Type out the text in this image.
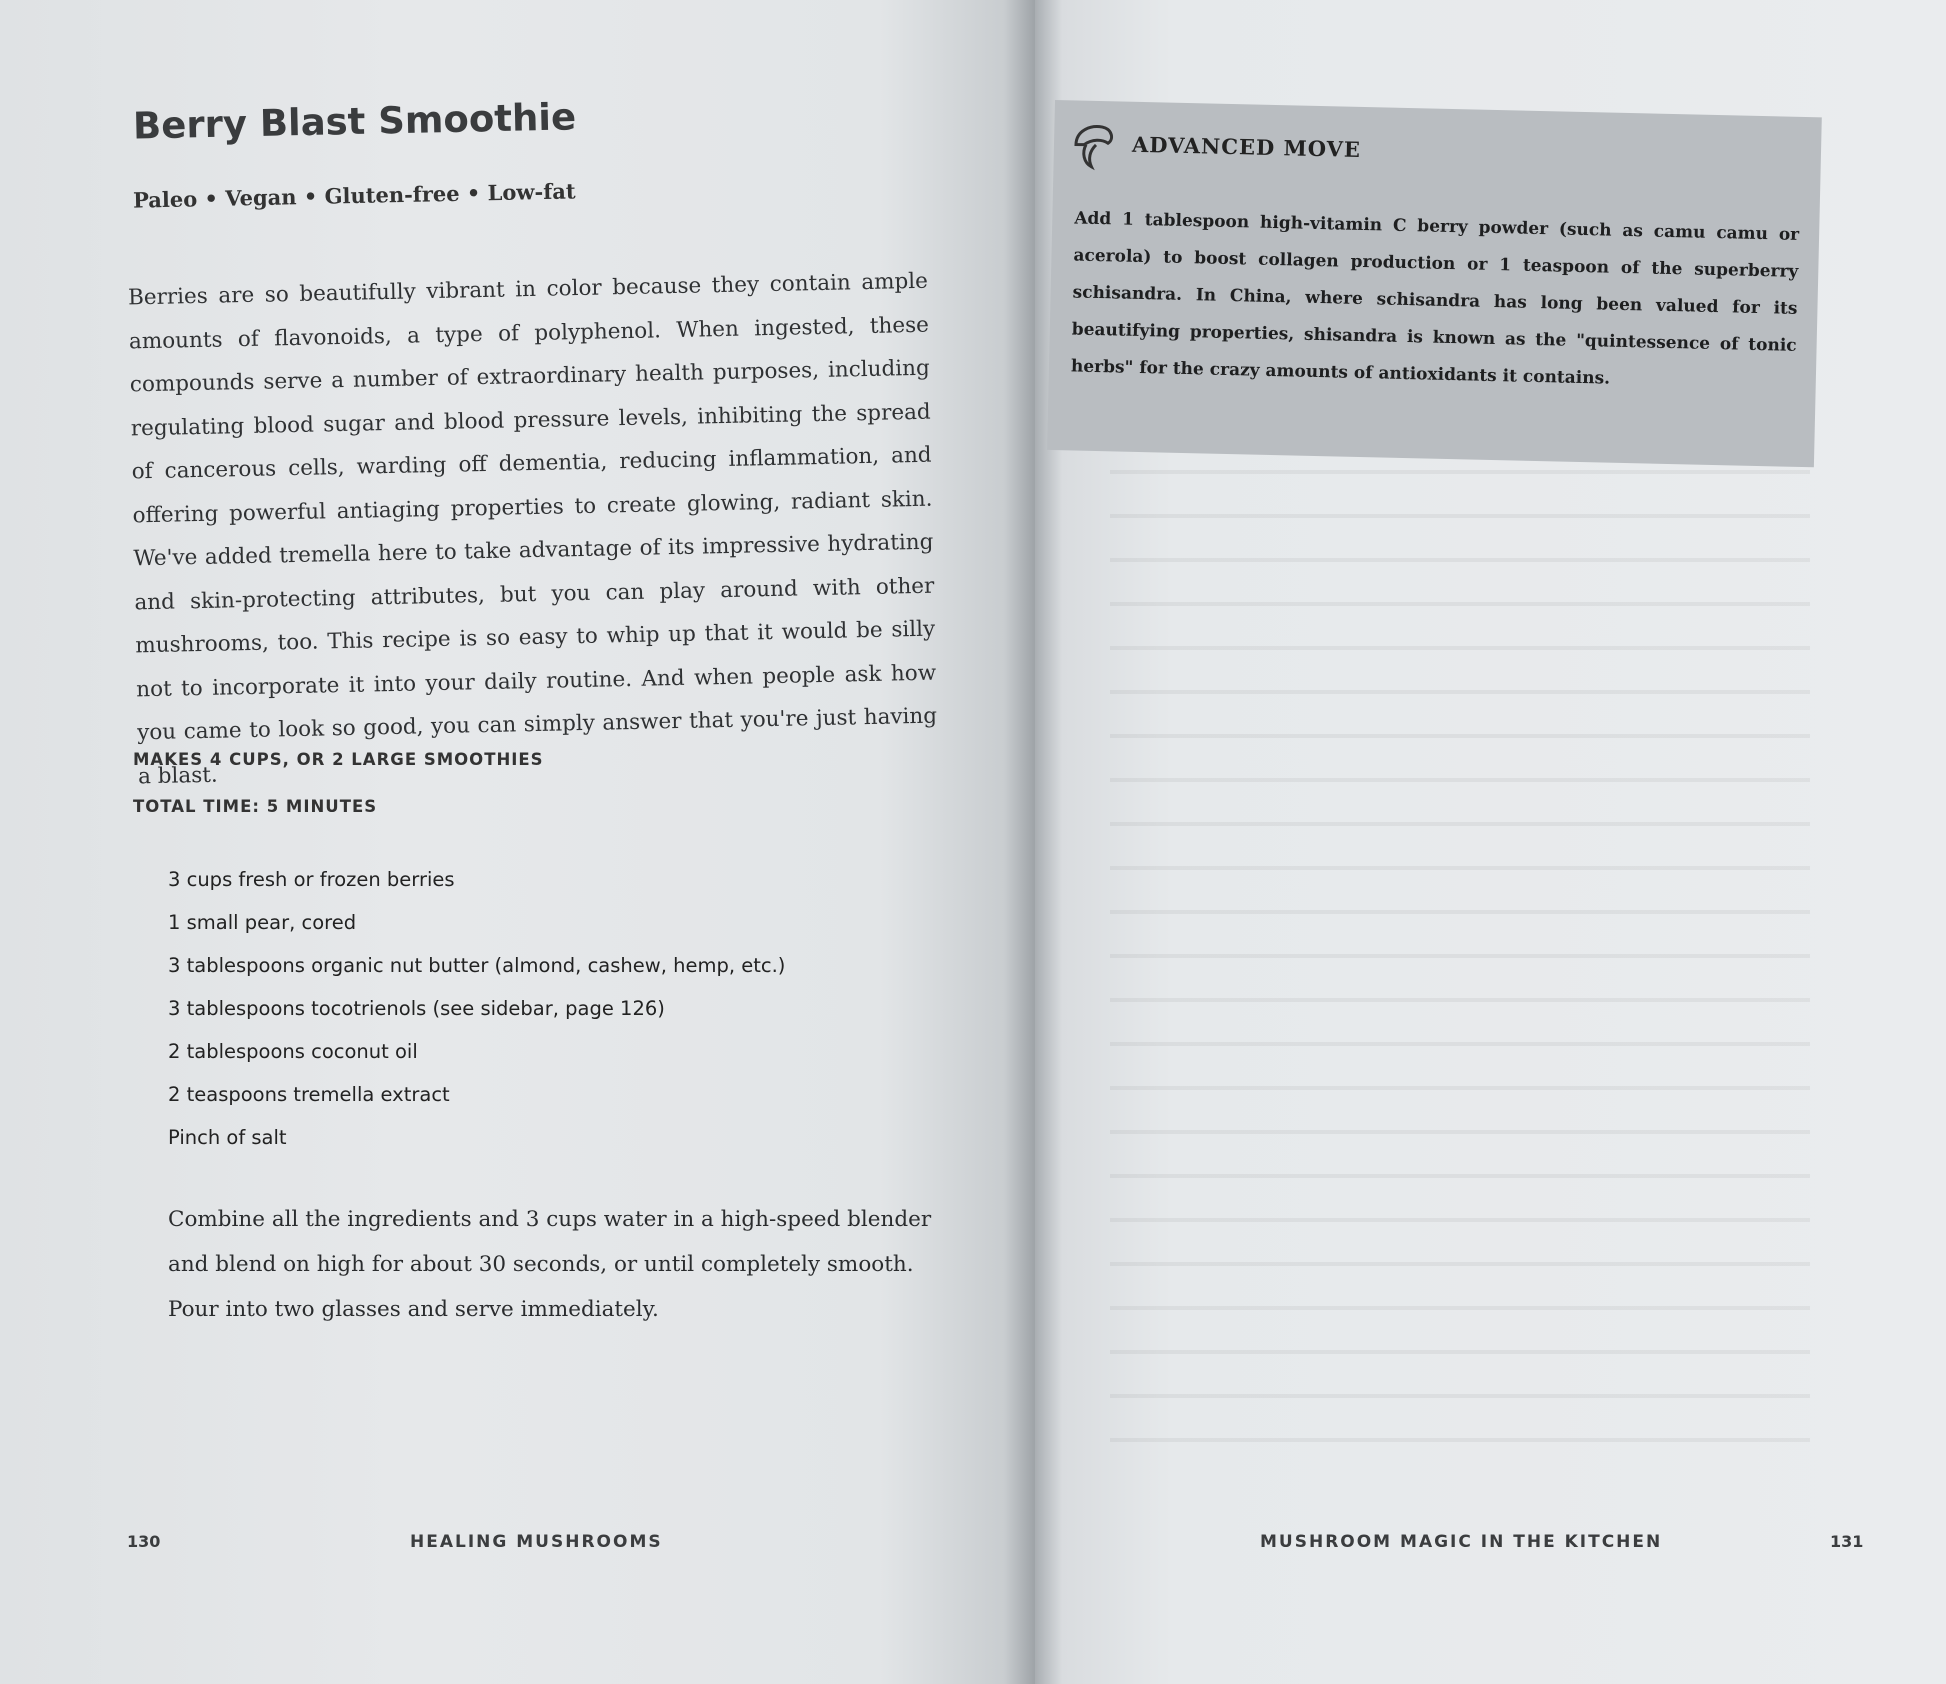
Berry Blast Smoothie
Paleo • Vegan • Gluten-free • Low-fat
Berries are so beautifully vibrant in color because they contain ample amounts of flavonoids, a type of polyphenol. When ingested, these compounds serve a number of extraordinary health purposes, including regulating blood sugar and blood pressure levels, inhibiting the spread of cancerous cells, warding off dementia, reducing inflammation, and offering powerful antiaging properties to create glowing, radiant skin. We've added tremella here to take advantage of its impressive hydrating and skin-protecting attributes, but you can play around with other mushrooms, too. This recipe is so easy to whip up that it would be silly not to incorporate it into your daily routine. And when people ask how you came to look so good, you can simply answer that you're just having a blast.
MAKES 4 CUPS, OR 2 LARGE SMOOTHIES
TOTAL TIME: 5 MINUTES
3 cups fresh or frozen berries
1 small pear, cored
3 tablespoons organic nut butter (almond, cashew, hemp, etc.)
3 tablespoons tocotrienols (see sidebar, page 126)
2 tablespoons coconut oil
2 teaspoons tremella extract
Pinch of salt
Combine all the ingredients and 3 cups water in a high-speed blender and blend on high for about 30 seconds, or until completely smooth. Pour into two glasses and serve immediately.
130	HEALING MUSHROOMS
ADVANCED MOVE
Add 1 tablespoon high-vitamin C berry powder (such as camu camu or acerola) to boost collagen production or 1 teaspoon of the superberry schisandra. In China, where schisandra has long been valued for its beautifying properties, shisandra is known as the "quintessence of tonic herbs" for the crazy amounts of antioxidants it contains.
MUSHROOM MAGIC IN THE KITCHEN	131
